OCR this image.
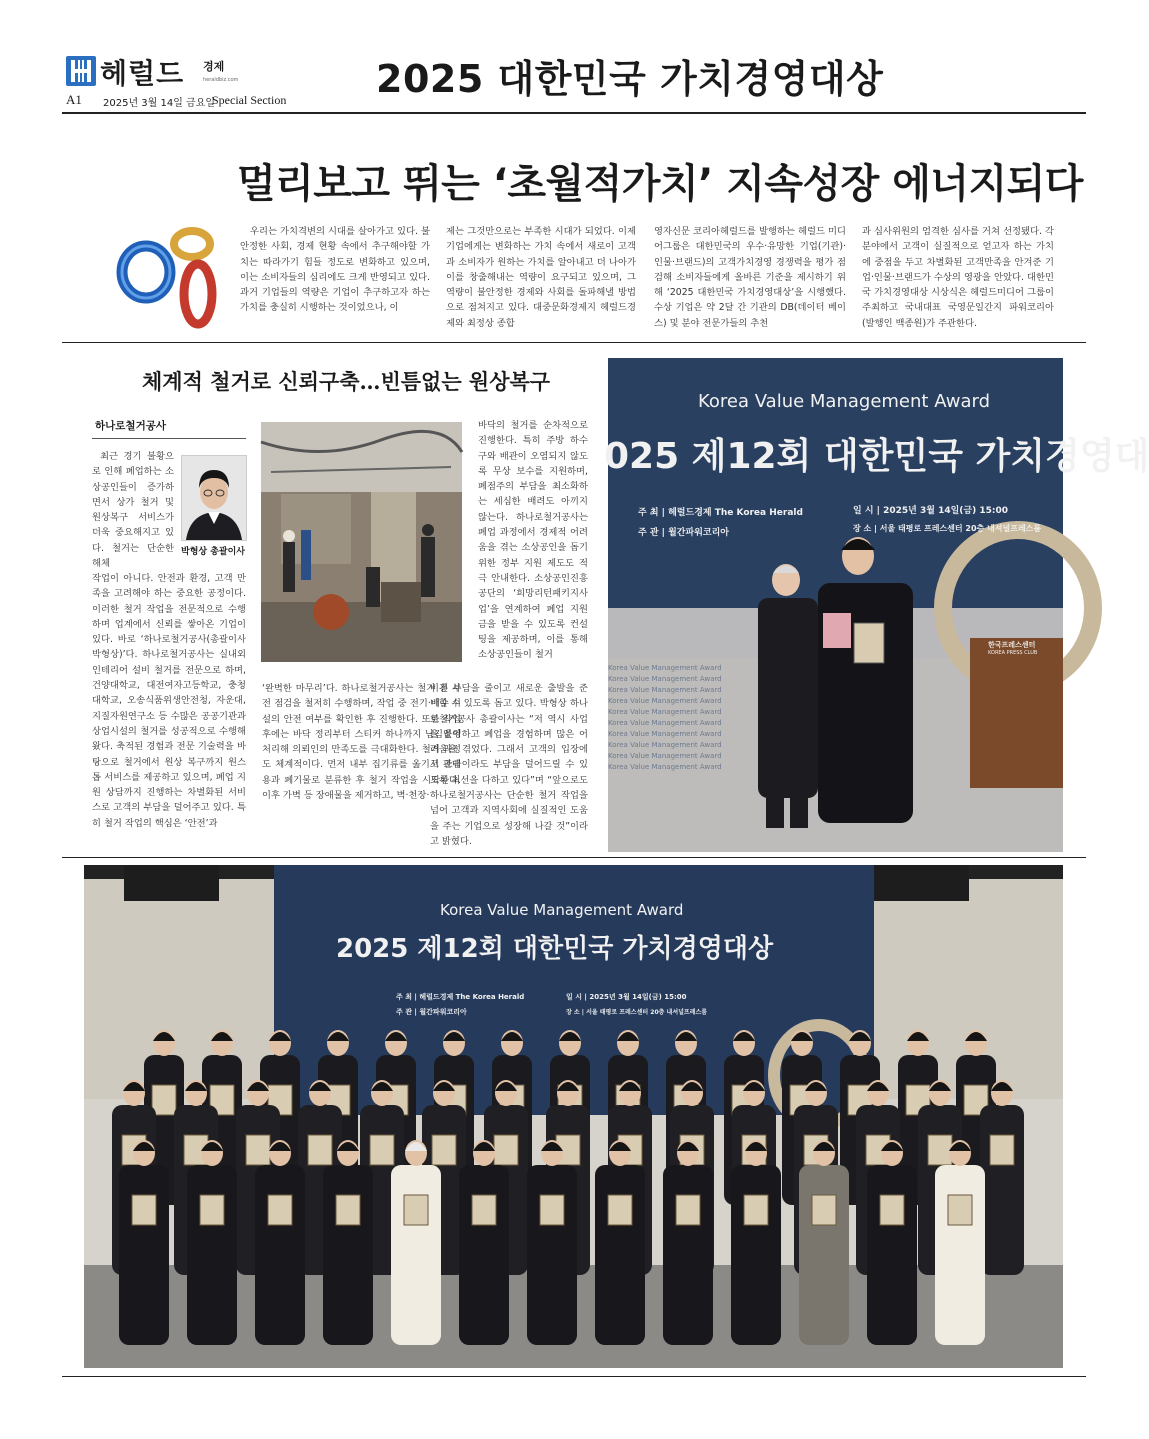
헤럴드 경제
heraldbiz.com
A1 2025년 3월 14일 금요일
Special Section 2025 대한민국 가치경영대상
멀리보고 뛰는 ‘초월적가치’ 지속성장 에너지되다
우리는 가치격변의 시대를 살아가고 있다. 불안정한 사회, 경제 현황 속에서 추구해야할 가치는 따라가기 힘들 정도로 변화하고 있으며, 이는 소비자들의 심리에도 크게 반영되고 있다. 과거 기업들의 역량은 기업이 추구하고자 하는 가치를 충실히 시행하는 것이었으나, 이
제는 그것만으로는 부족한 시대가 되었다. 이제 기업에게는 변화하는 가치 속에서 새로이 고객과 소비자가 원하는 가치를 알아내고 더 나아가 이를 창출해내는 역량이 요구되고 있으며, 그 역량이 불안정한 경제와 사회를 돌파해낼 방법으로 점쳐지고 있다. 대중문화경제지 헤럴드경제와 최정상 종합
영자신문 코리아헤럴드를 발행하는 헤럴드 미디어그룹은 대한민국의 우수·유망한 기업(기관)·인물·브랜드)의 고객가치경영 경쟁력을 평가 점검해 소비자들에게 올바른 기준을 제시하기 위해 ‘2025 대한민국 가치경영대상’을 시행했다. 수상 기업은 약 2달 간 기관의 DB(데이터 베이스) 및 분야 전문가들의 추천
과 심사위원의 엄격한 심사를 거쳐 선정됐다. 각 분야에서 고객이 실질적으로 얻고자 하는 가치에 중점을 두고 차별화된 고객만족을 안겨준 기업·인물·브랜드가 수상의 영광을 안았다. 대한민국 가치경영대상 시상식은 헤럴드미디어 그룹이 주최하고 국내대표 국영문일간지 파워코리아(발행인 백종원)가 주관한다.
체계적 철거로 신뢰구축…빈틈없는 원상복구
하나로철거공사
최근 경기 불황으로 인해 폐업하는 소상공인들이 증가하면서 상가 철거 및 원상복구 서비스가 더욱 중요해지고 있다. 철거는 단순한 해체
박형상 총괄이사
작업이 아니다. 안전과 환경, 고객 만족을 고려해야 하는 중요한 공정이다. 이러한 철거 작업을 전문적으로 수행하며 업계에서 신뢰를 쌓아온 기업이 있다. 바로 ‘하나로철거공사(총괄이사 박형상)’다. 하나로철거공사는 실내외 인테리어 설비 철거를 전문으로 하며, 건양대학교, 대전여자고등학교, 충청대학교, 오송식품위생안전청, 자운대, 지질자원연구소 등 수많은 공공기관과 상업시설의 철거를 성공적으로 수행해왔다. 축적된 경험과 전문 기술력을 바탕으로 철거에서 원상 복구까지 원스톱 서비스를 제공하고 있으며, 폐업 지원 상담까지 진행하는 차별화된 서비스로 고객의 부담을 덜어주고 있다. 특히 철거 작업의 핵심은 ‘안전’과
‘완벽한 마무리’다. 하나로철거공사는 철거 전 사전 점검을 철저히 수행하며, 작업 중 전기·배수 시설의 안전 여부를 확인한 후 진행한다. 또한 작업 후에는 바닥 정리부터 스티커 하나까지 남김없이 처리해 의뢰인의 만족도를 극대화한다. 철거 과정도 체계적이다. 먼저 내부 집기류를 옮기고 판매용과 폐기물로 분류한 후 철거 작업을 시작한다. 이후 가벽 등 장애물을 제거하고, 벽·천장·
바닥의 철거를 순차적으로 진행한다. 특히 주방 하수구와 배관이 오염되지 않도록 무상 보수를 지원하며, 폐점주의 부담을 최소화하는 세심한 배려도 아끼지 않는다. 하나로철거공사는 폐업 과정에서 경제적 어려움을 겪는 소상공인을 돕기 위한 정부 지원 제도도 적극 안내한다. 소상공인진흥공단의 ‘희망리턴패키지사업’을 연계하여 폐업 지원금을 받을 수 있도록 컨설팅을 제공하며, 이를 통해 소상공인들이 철거
비용 부담을 줄이고 새로운 출발을 준비할 수 있도록 돕고 있다. 박형상 하나로철거공사 총괄이사는 “저 역시 사업을 운영하고 폐업을 경험하며 많은 어려움을 겪었다. 그래서 고객의 입장에서 조금이라도 부담을 덜어드릴 수 있도록 최선을 다하고 있다”며 “앞으로도 하나로철거공사는 단순한 철거 작업을 넘어 고객과 지역사회에 실질적인 도움을 주는 기업으로 성장해 나갈 것”이라고 밝혔다.
Korea Value Management Award
025 제12회 대한민국 가치경영대
주 최 | 헤럴드경제 The Korea Herald
주 관 | 월간파워코리아
일 시 | 2025년 3월 14일(금) 15:00
장 소 | 서울 태평로 프레스센터 20층 내셔널프레스룸
한국프레스센터
KOREA PRESS CLUB
Korea Value Management Award
Korea Value Management Award
Korea Value Management Award
Korea Value Management Award
Korea Value Management Award
Korea Value Management Award
Korea Value Management Award
Korea Value Management Award
Korea Value Management Award
Korea Value Management Award
Korea Value Management Award
2025 제12회 대한민국 가치경영대상
주 최 | 헤럴드경제 The Korea Herald
주 관 | 월간파워코리아
일 시 | 2025년 3월 14일(금) 15:00
장 소 | 서울 태평로 프레스센터 20층 내셔널프레스룸
